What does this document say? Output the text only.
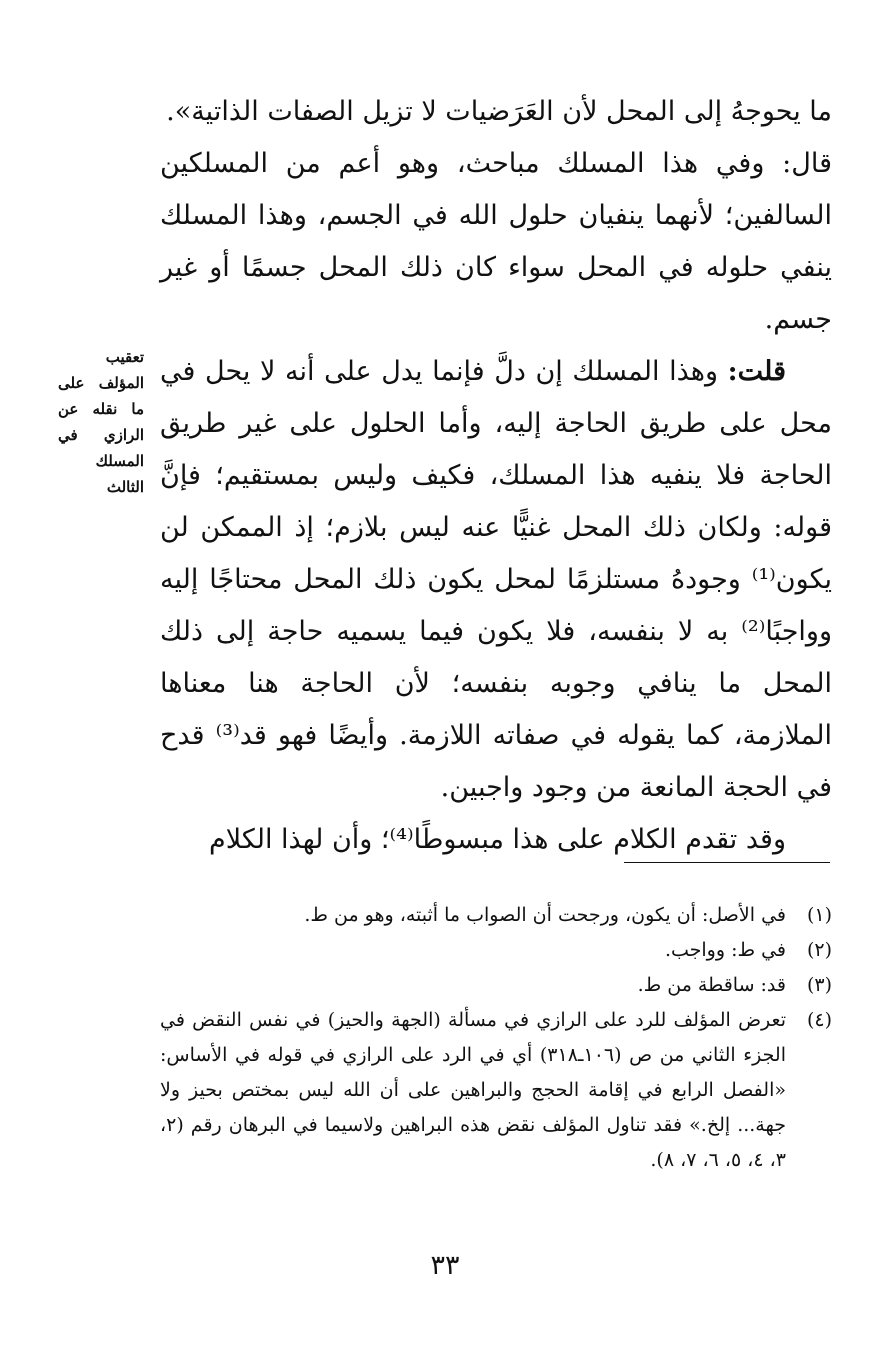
ما يحوجهُ إلى المحل لأن العَرَضيات لا تزيل الصفات الذاتية».

قال: وفي هذا المسلك مباحث، وهو أعم من المسلكين السالفين؛ لأنهما ينفيان حلول الله في الجسم، وهذا المسلك ينفي حلوله في المحل سواء كان ذلك المحل جسمًا أو غير جسم.

قلت: وهذا المسلك إن دلَّ فإنما يدل على أنه لا يحل في محل على طريق الحاجة إليه، وأما الحلول على غير طريق الحاجة فلا ينفيه هذا المسلك، فكيف وليس بمستقيم؛ فإنَّ قوله: ولكان ذلك المحل غنيًّا عنه ليس بلازم؛ إذ الممكن لن يكون⁽¹⁾ وجودهُ مستلزمًا لمحل يكون ذلك المحل محتاجًا إليه وواجبًا⁽²⁾ به لا بنفسه، فلا يكون فيما يسميه حاجة إلى ذلك المحل ما ينافي وجوبه بنفسه؛ لأن الحاجة هنا معناها الملازمة، كما يقوله في صفاته اللازمة. وأيضًا فهو قد⁽³⁾ قدح في الحجة المانعة من وجود واجبين.

وقد تقدم الكلام على هذا مبسوطًا⁽⁴⁾؛ وأن لهذا الكلام

تعقيب المؤلف على ما نقله عن الرازي في المسلك الثالث
(١)
في الأصل: أن يكون، ورجحت أن الصواب ما أثبته، وهو من ط.
(٢)
في ط: وواجب.
(٣)
قد: ساقطة من ط.
(٤)
تعرض المؤلف للرد على الرازي في مسألة (الجهة والحيز) في نفس النقض في الجزء الثاني من ص (١٠٦ـ٣١٨) أي في الرد على الرازي في قوله في الأساس: «الفصل الرابع في إقامة الحجج والبراهين على أن الله ليس بمختص بحيز ولا جهة... إلخ.» فقد تناول المؤلف نقض هذه البراهين ولاسيما في البرهان رقم (٢، ٣، ٤، ٥، ٦، ٧، ٨).
٣٣
